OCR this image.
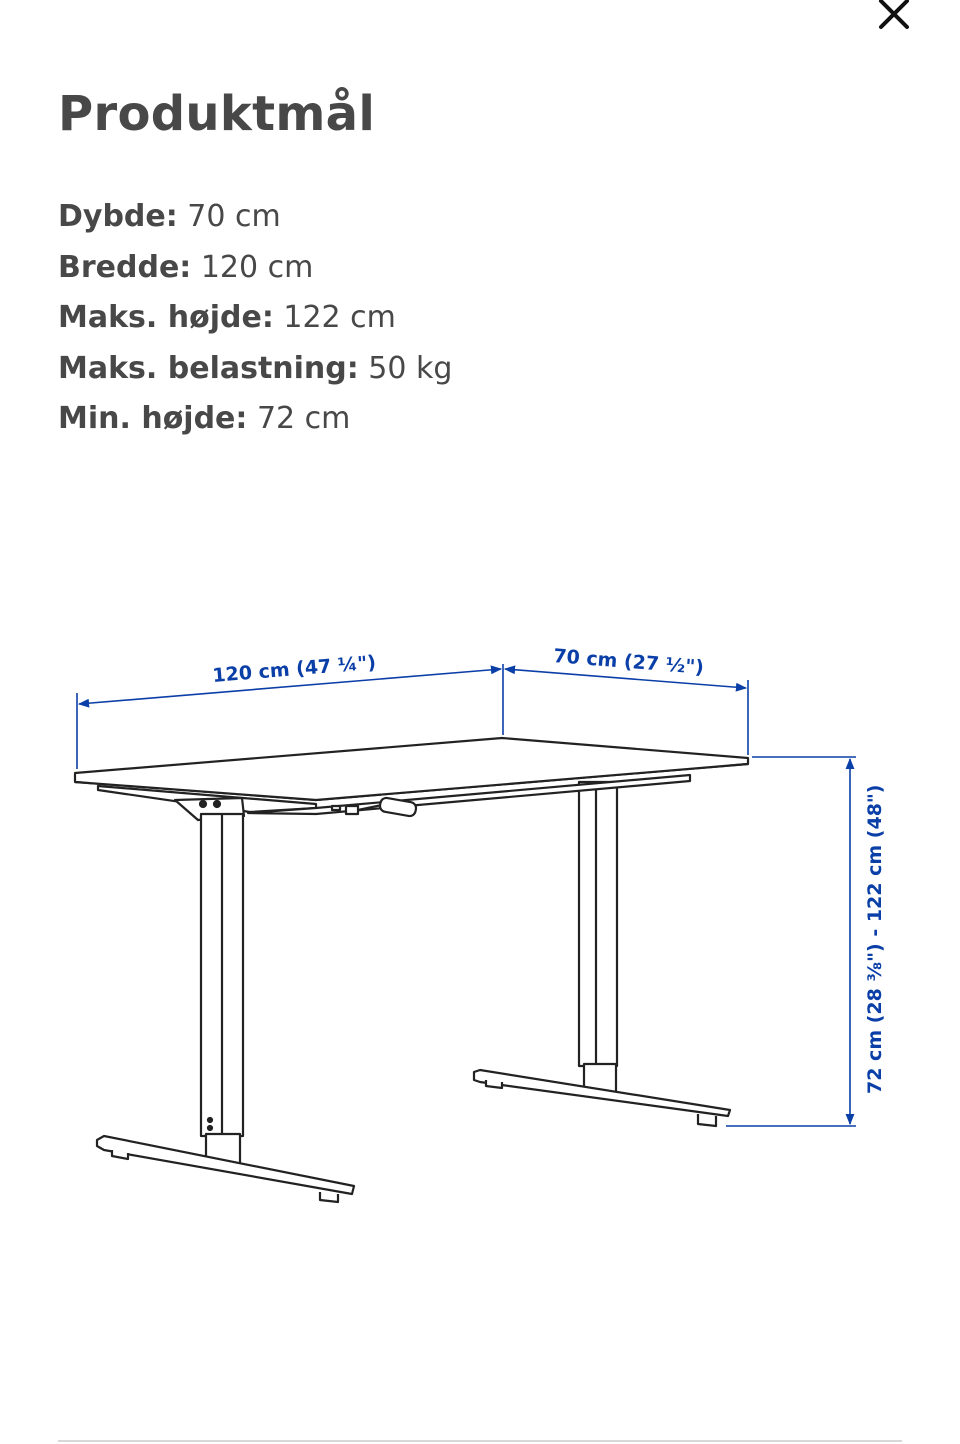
Produktmål
Dybde: 70 cm
Bredde: 120 cm
Maks. højde: 122 cm
Maks. belastning: 50 kg
Min. højde: 72 cm
120 cm (47 ¼")	70 cm (27 ½")
72 cm (28 ⅜") - 122 cm (48")
